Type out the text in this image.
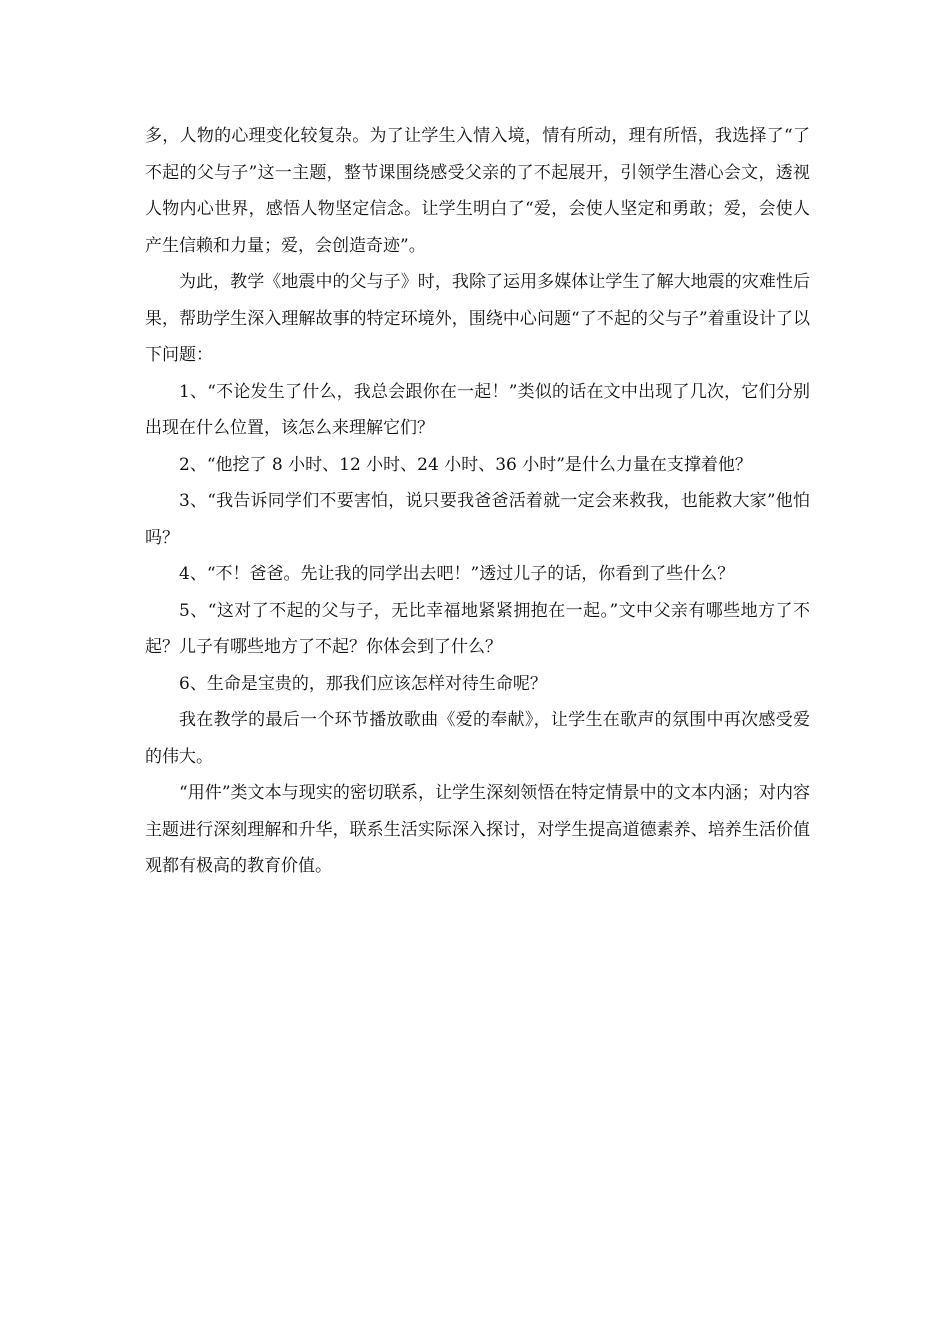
多，人物的心理变化较复杂。为了让学生入情入境，情有所动，理有所悟，我选择了“了不起的父与子”这一主题，整节课围绕感受父亲的了不起展开，引领学生潜心会文，透视人物内心世界，感悟人物坚定信念。让学生明白了“爱，会使人坚定和勇敢；爱，会使人产生信赖和力量；爱，会创造奇迹”。

为此，教学《地震中的父与子》时，我除了运用多媒体让学生了解大地震的灾难性后果，帮助学生深入理解故事的特定环境外，围绕中心问题“了不起的父与子”着重设计了以下问题：

1、“不论发生了什么，我总会跟你在一起！”类似的话在文中出现了几次，它们分别出现在什么位置，该怎么来理解它们？

2、“他挖了 8 小时、12 小时、24 小时、36 小时”是什么力量在支撑着他？

3、“我告诉同学们不要害怕，说只要我爸爸活着就一定会来救我，也能救大家”他怕吗？

4、“不！爸爸。先让我的同学出去吧！”透过儿子的话，你看到了些什么？

5、“这对了不起的父与子，无比幸福地紧紧拥抱在一起。”文中父亲有哪些地方了不起？儿子有哪些地方了不起？你体会到了什么？

6、生命是宝贵的，那我们应该怎样对待生命呢？

我在教学的最后一个环节播放歌曲《爱的奉献》，让学生在歌声的氛围中再次感受爱的伟大。

“用件”类文本与现实的密切联系，让学生深刻领悟在特定情景中的文本内涵；对内容主题进行深刻理解和升华，联系生活实际深入探讨，对学生提高道德素养、培养生活价值观都有极高的教育价值。
